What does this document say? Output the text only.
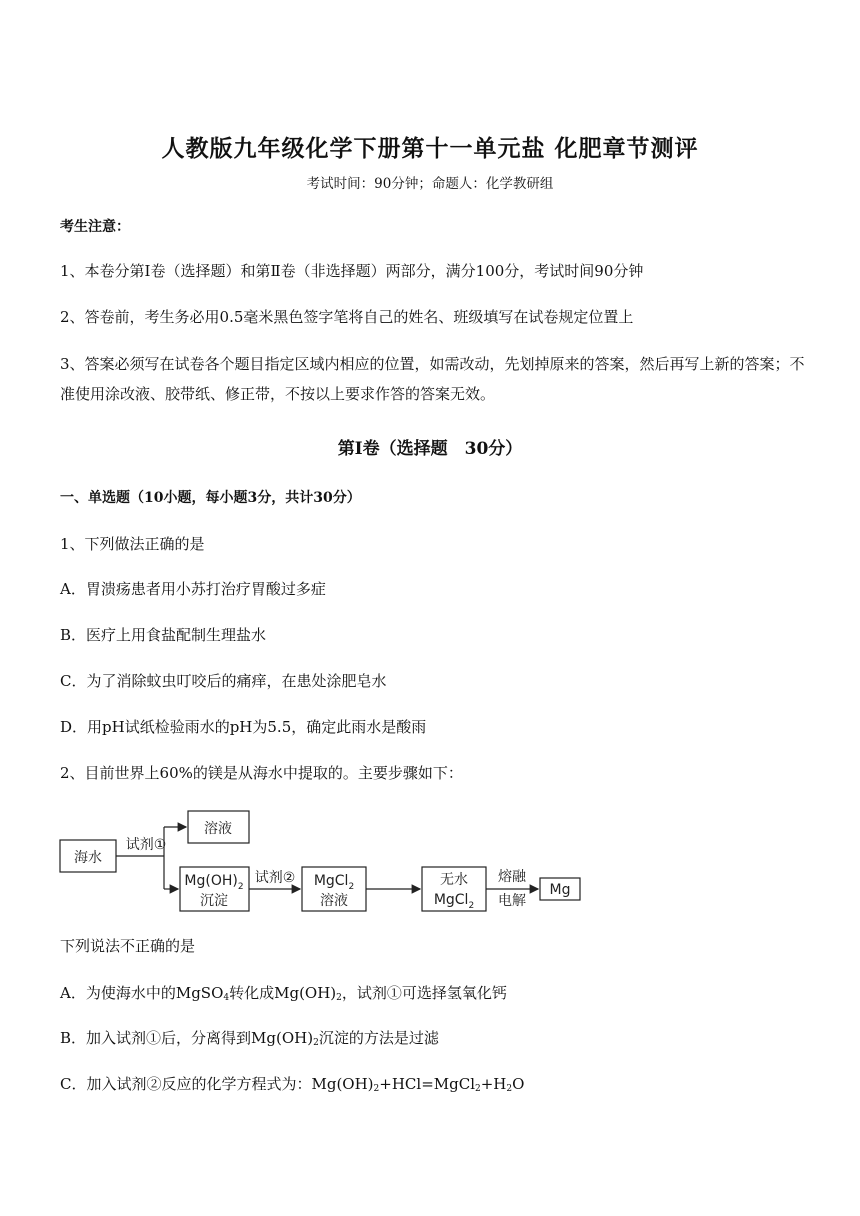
人教版九年级化学下册第十一单元盐 化肥章节测评
考试时间：90分钟；命题人：化学教研组
考生注意：
1、本卷分第Ⅰ卷（选择题）和第Ⅱ卷（非选择题）两部分，满分100分，考试时间90分钟
2、答卷前，考生务必用0.5毫米黑色签字笔将自己的姓名、班级填写在试卷规定位置上
3、答案必须写在试卷各个题目指定区域内相应的位置，如需改动，先划掉原来的答案，然后再写上新的答案；不准使用涂改液、胶带纸、修正带，不按以上要求作答的答案无效。
第Ⅰ卷（选择题　30分）
一、单选题（10小题，每小题3分，共计30分）
1、下列做法正确的是
A．胃溃疡患者用小苏打治疗胃酸过多症
B．医疗上用食盐配制生理盐水
C．为了消除蚊虫叮咬后的痛痒，在患处涂肥皂水
D．用pH试纸检验雨水的pH为5.5，确定此雨水是酸雨
2、目前世界上60%的镁是从海水中提取的。主要步骤如下：
海水
试剂①
溶液
$Mg(OH)_2$
沉淀
试剂② MgCl$_2$
溶液
无水
MgCl$_2$
熔融
电解
Mg
下列说法不正确的是
A．为使海水中的MgSO$_4$转化成$Mg(OH)_2$，试剂①可选择氢氧化钙
B．加入试剂①后，分离得到$Mg(OH)_2$沉淀的方法是过滤
C．加入试剂②反应的化学方程式为：$Mg(OH)_2+HCl=MgCl_2+H_2O$
